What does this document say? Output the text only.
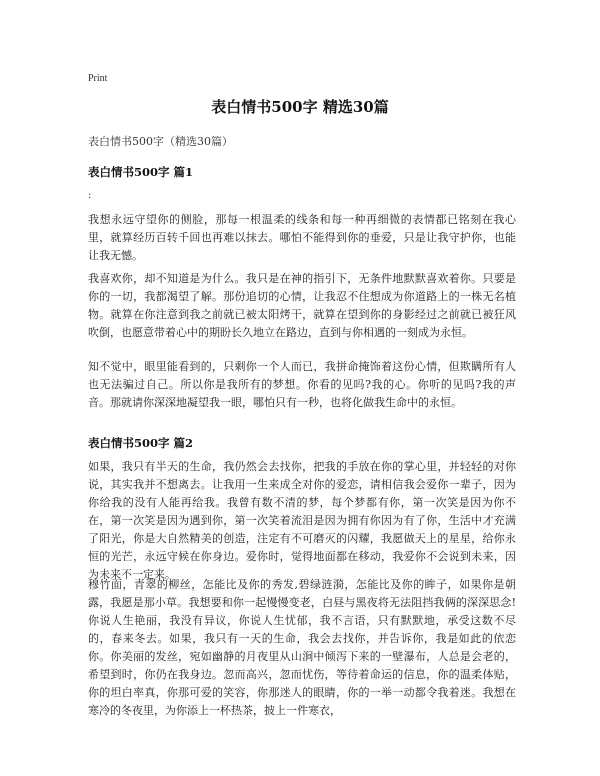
Print
表白情书500字 精选30篇
表白情书500字（精选30篇）
表白情书500字 篇1
:
我想永远守望你的侧脸，那每一根温柔的线条和每一种再细微的表情都已铭刻在我心里，就算经历百转千回也再难以抹去。哪怕不能得到你的垂爱，只是让我守护你，也能让我无憾。
我喜欢你，却不知道是为什么。我只是在神的指引下，无条件地默默喜欢着你。只要是你的一切，我都渴望了解。那份追切的心情，让我忍不住想成为你道路上的一株无名植物。就算在你注意到我之前就已被太阳烤干，就算在望到你的身影经过之前就已被狂风吹倒，也愿意带着心中的期盼长久地立在路边，直到与你相遇的一刻成为永恒。
知不觉中，眼里能看到的，只剩你一个人而已，我拼命掩饰着这份心情，但欺瞒所有人也无法骗过自己。所以你是我所有的梦想。你看的见吗?我的心。你听的见吗?我的声音。那就请你深深地凝望我一眼，哪怕只有一秒，也将化做我生命中的永恒。
表白情书500字 篇2
如果，我只有半天的生命，我仍然会去找你，把我的手放在你的掌心里，并轻轻的对你说，其实我并不想离去。让我用一生来成全对你的爱恋，请相信我会爱你一辈子，因为你给我的没有人能再给我。我曾有数不清的梦，每个梦都有你，第一次笑是因为你不在，第一次笑是因为遇到你，第一次笑着流泪是因为拥有你因为有了你，生活中才充满了阳光，你是大自然精美的创造，注定有不可磨灭的闪耀，我愿做天上的星星，给你永恒的光芒，永远守候在你身边。爱你时，觉得地面都在移动，我爱你不会说到未来，因为未来不一定来。
穆竹面，青翠的柳丝，怎能比及你的秀发,碧绿涟漪，怎能比及你的眸子，如果你是朝露，我愿是那小草。我想要和你一起慢慢变老，白昼与黑夜将无法阻挡我俩的深深思念!你说人生艳丽，我没有异议，你说人生忧郁，我不言语，只有默默地，承受这数不尽的，春来冬去。如果，我只有一天的生命，我会去找你，并告诉你，我是如此的依恋你。你美丽的发丝，宛如幽静的月夜里从山涧中倾泻下来的一壁瀑布，人总是会老的，希望到时，你仍在我身边。忽而高兴，忽而忧伤，等待着命运的信息，你的温柔体贴，你的坦白率真，你那可爱的笑容，你那迷人的眼睛，你的一举一动都令我着迷。我想在寒冷的冬夜里，为你添上一杯热茶，披上一件寒衣，
